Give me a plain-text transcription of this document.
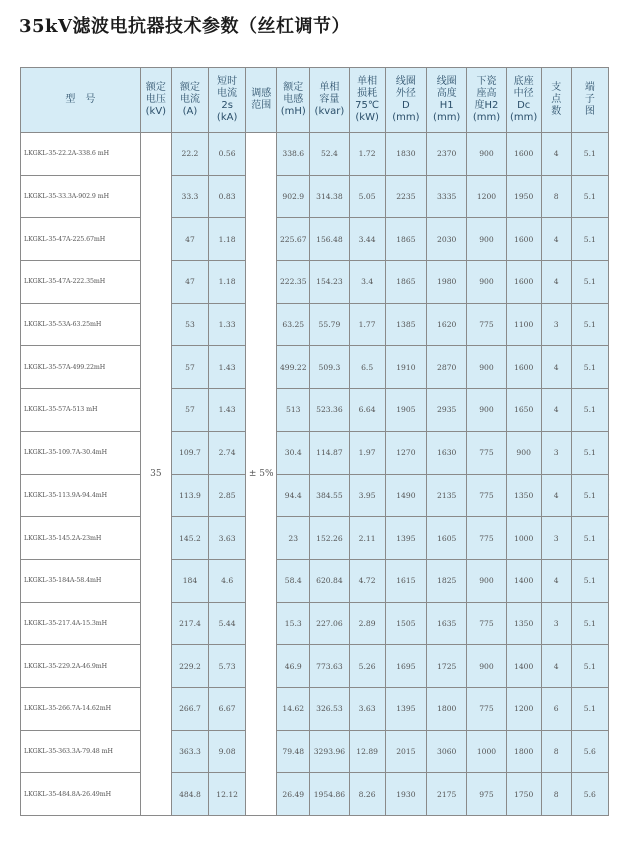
35kV滤波电抗器技术参数（丝杠调节）
型　号	额定
电压
(kV)	额定
电流
(A)	短时
电流
2s
(kA)	调感
范围	额定
电感
(mH)	单相
容量
(kvar)	单相
损耗
75℃
(kW)	线圈
外径
D
(mm)	线圈
高度
H1
(mm)	下瓷
座高
度H2
(mm)	底座
中径
Dc
(mm)	支
点
数	端
子
图

LKGKL-35-22.2A-338.6 mH	35	22.2	0.56	± 5%	338.6	52.4	1.72	1830	2370	900	1600	4	5.1
LKGKL-35-33.3A-902.9 mH		33.3	0.83		902.9	314.38	5.05	2235	3335	1200	1950	8	5.1
LKGKL-35-47A-225.67mH		47	1.18		225.67	156.48	3.44	1865	2030	900	1600	4	5.1
LKGKL-35-47A-222.35mH		47	1.18		222.35	154.23	3.4	1865	1980	900	1600	4	5.1
LKGKL-35-53A-63.25mH		53	1.33		63.25	55.79	1.77	1385	1620	775	1100	3	5.1
LKGKL-35-57A-499.22mH		57	1.43		499.22	509.3	6.5	1910	2870	900	1600	4	5.1
LKGKL-35-57A-513 mH		57	1.43		513	523.36	6.64	1905	2935	900	1650	4	5.1
LKGKL-35-109.7A-30.4mH		109.7	2.74		30.4	114.87	1.97	1270	1630	775	900	3	5.1
LKGKL-35-113.9A-94.4mH		113.9	2.85		94.4	384.55	3.95	1490	2135	775	1350	4	5.1
LKGKL-35-145.2A-23mH		145.2	3.63		23	152.26	2.11	1395	1605	775	1000	3	5.1
LKGKL-35-184A-58.4mH		184	4.6		58.4	620.84	4.72	1615	1825	900	1400	4	5.1
LKGKL-35-217.4A-15.3mH		217.4	5.44		15.3	227.06	2.89	1505	1635	775	1350	3	5.1
LKGKL-35-229.2A-46.9mH		229.2	5.73		46.9	773.63	5.26	1695	1725	900	1400	4	5.1
LKGKL-35-266.7A-14.62mH		266.7	6.67		14.62	326.53	3.63	1395	1800	775	1200	6	5.1
LKGKL-35-363.3A-79.48 mH		363.3	9.08		79.48	3293.96	12.89	2015	3060	1000	1800	8	5.6
LKGKL-35-484.8A-26.49mH		484.8	12.12		26.49	1954.86	8.26	1930	2175	975	1750	8	5.6
